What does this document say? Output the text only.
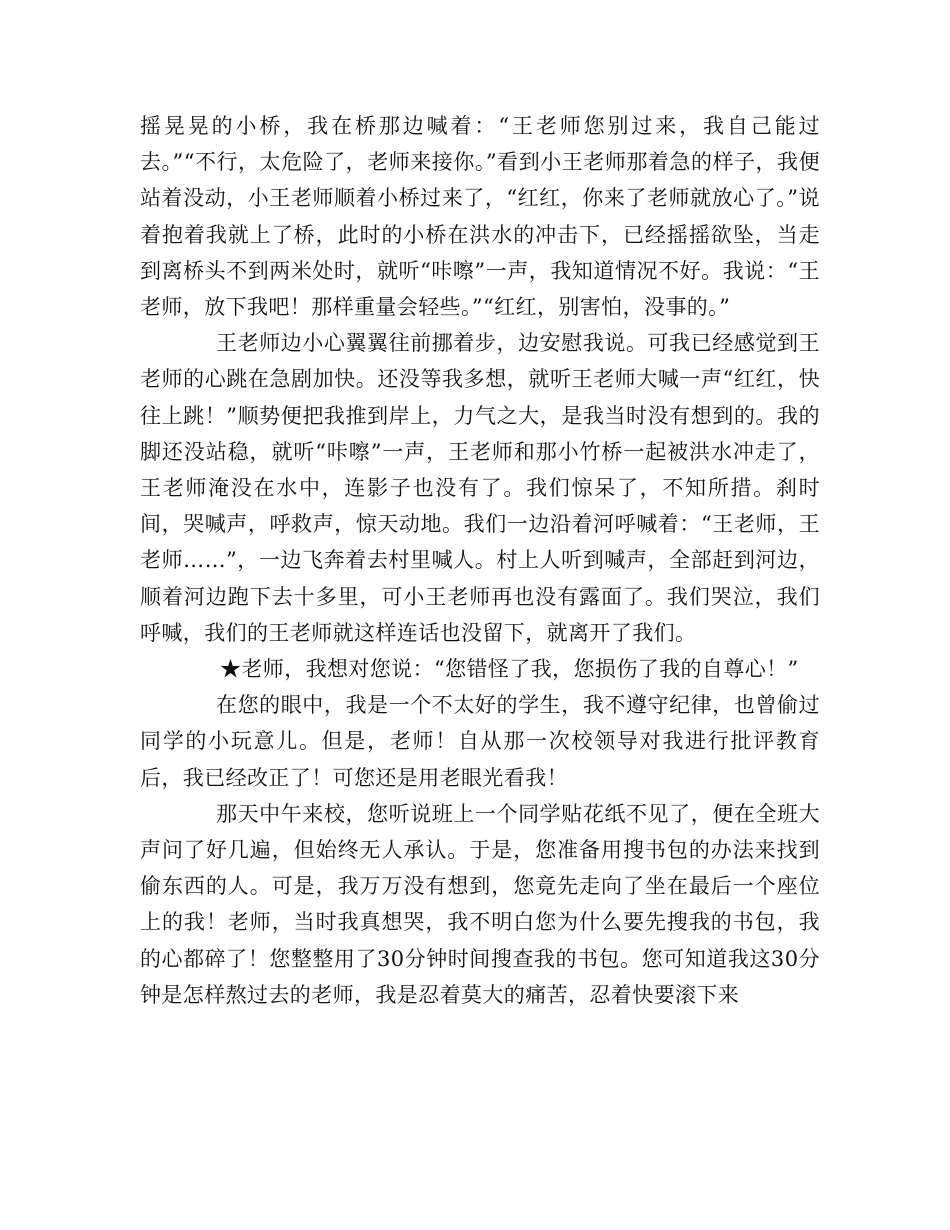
摇晃晃的小桥，我在桥那边喊着：“王老师您别过来，我自己能过去。”“不行，太危险了，老师来接你。”看到小王老师那着急的样子，我便站着没动，小王老师顺着小桥过来了，“红红，你来了老师就放心了。”说着抱着我就上了桥，此时的小桥在洪水的冲击下，已经摇摇欲坠，当走到离桥头不到两米处时，就听“咔嚓”一声，我知道情况不好。我说：“王老师，放下我吧！那样重量会轻些。”“红红，别害怕，没事的。”

王老师边小心翼翼往前挪着步，边安慰我说。可我已经感觉到王老师的心跳在急剧加快。还没等我多想，就听王老师大喊一声“红红，快往上跳！”顺势便把我推到岸上，力气之大，是我当时没有想到的。我的脚还没站稳，就听“咔嚓”一声，王老师和那小竹桥一起被洪水冲走了，王老师淹没在水中，连影子也没有了。我们惊呆了，不知所措。刹时间，哭喊声，呼救声，惊天动地。我们一边沿着河呼喊着：“王老师，王老师……”，一边飞奔着去村里喊人。村上人听到喊声，全部赶到河边，顺着河边跑下去十多里，可小王老师再也没有露面了。我们哭泣，我们呼喊，我们的王老师就这样连话也没留下，就离开了我们。

★老师，我想对您说：“您错怪了我，您损伤了我的自尊心！”

在您的眼中，我是一个不太好的学生，我不遵守纪律，也曾偷过同学的小玩意儿。但是，老师！自从那一次校领导对我进行批评教育后，我已经改正了！可您还是用老眼光看我！

那天中午来校，您听说班上一个同学贴花纸不见了，便在全班大声问了好几遍，但始终无人承认。于是，您准备用搜书包的办法来找到偷东西的人。可是，我万万没有想到，您竟先走向了坐在最后一个座位上的我！老师，当时我真想哭，我不明白您为什么要先搜我的书包，我的心都碎了！您整整用了30分钟时间搜查我的书包。您可知道我这30分钟是怎样熬过去的老师，我是忍着莫大的痛苦，忍着快要滚下来
